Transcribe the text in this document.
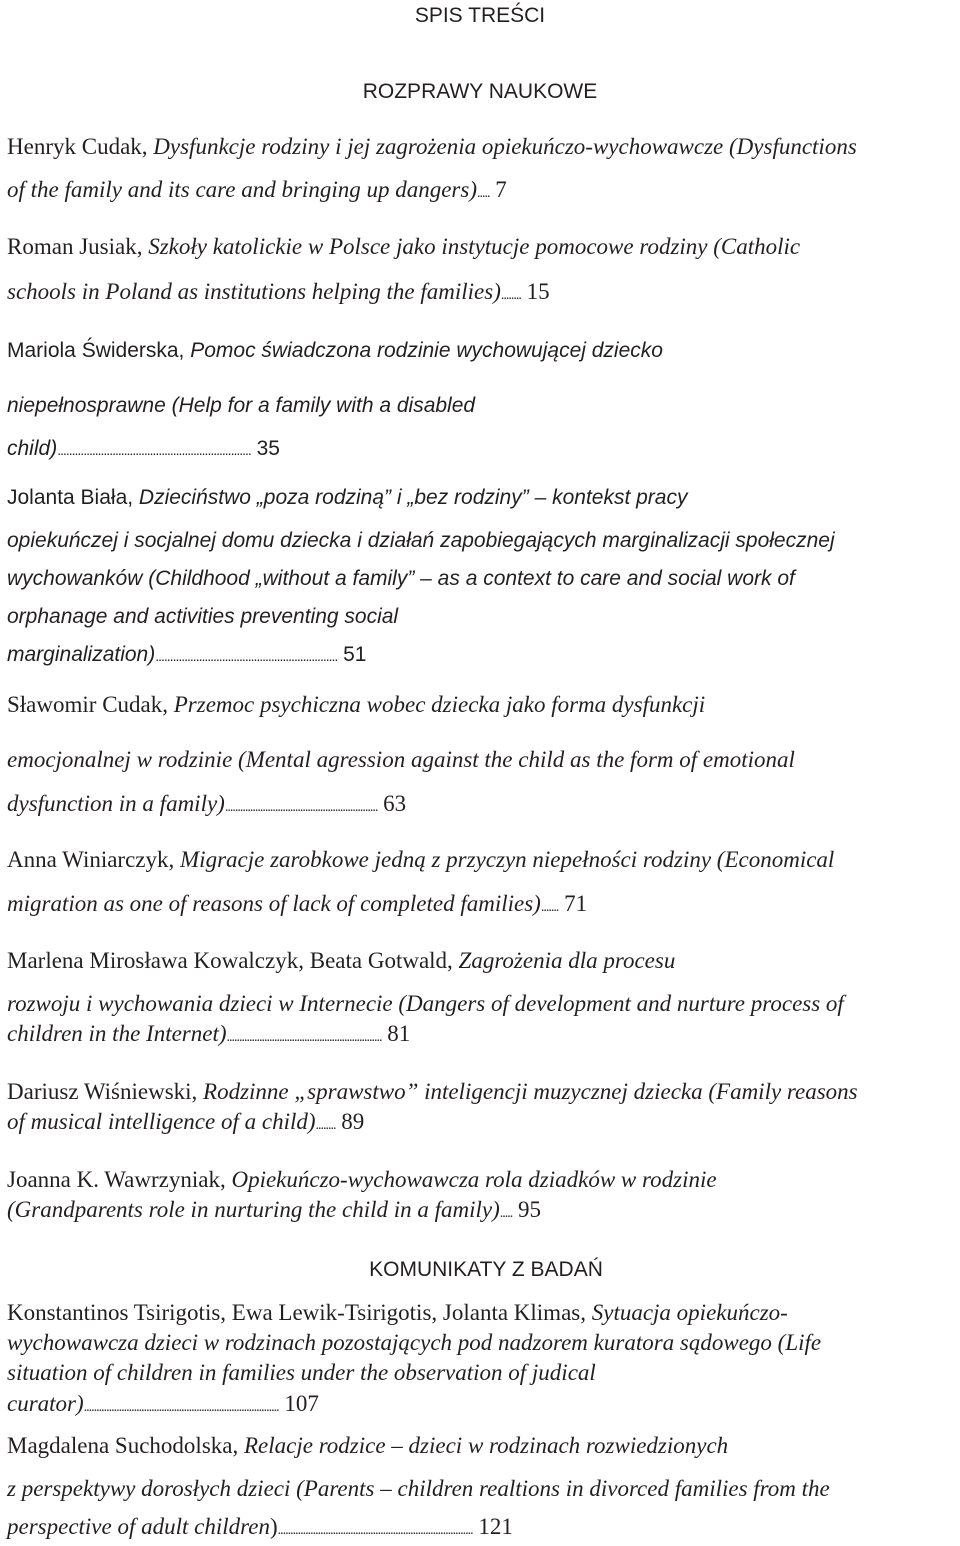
SPIS TREŚCI
ROZPRAWY NAUKOWE
Henryk Cudak, Dysfunkcje rodziny i jej zagrożenia opiekuńczo-wychowawcze (Dysfunctions
of the family and its care and bringing up dangers)..... 7
Roman Jusiak, Szkoły katolickie w Polsce jako instytucje pomocowe rodziny (Catholic
schools in Poland as institutions helping the families)........ 15
Mariola Świderska, Pomoc świadczona rodzinie wychowującej dziecko
niepełnosprawne (Help for a family with a disabled
child)................................................................... 35
Jolanta Biała, Dzieciństwo „poza rodziną” i „bez rodziny” – kontekst pracy
opiekuńczej i socjalnej domu dziecka i działań zapobiegających marginalizacji społecznej
wychowanków (Childhood „without a family” – as a context to care and social work of
orphanage and activities preventing social
marginalization)............................................................... 51
Sławomir Cudak, Przemoc psychiczna wobec dziecka jako forma dysfunkcji
emocjonalnej w rodzinie (Mental agression against the child as the form of emotional
dysfunction in a family)............................................................. 63
Anna Winiarczyk, Migracje zarobkowe jedną z przyczyn niepełności rodziny (Economical
migration as one of reasons of lack of completed families)....... 71
Marlena Mirosława Kowalczyk, Beata Gotwald, Zagrożenia dla procesu
rozwoju i wychowania dzieci w Internecie (Dangers of development and nurture process of
children in the Internet).............................................................. 81
Dariusz Wiśniewski, Rodzinne „sprawstwo” inteligencji muzycznej dziecka (Family reasons
of musical intelligence of a child)........ 89
Joanna K. Wawrzyniak, Opiekuńczo-wychowawcza rola dziadków w rodzinie
(Grandparents role in nurturing the child in a family)..... 95
KOMUNIKATY Z BADAŃ
Konstantinos Tsirigotis, Ewa Lewik-Tsirigotis, Jolanta Klimas, Sytuacja opiekuńczo-
wychowawcza dzieci w rodzinach pozostających pod nadzorem kuratora sądowego (Life
situation of children in families under the observation of judical
curator).............................................................................. 107
Magdalena Suchodolska, Relacje rodzice – dzieci w rodzinach rozwiedzionych
z perspektywy dorosłych dzieci (Parents – children realtions in divorced families from the
perspective of adult children).............................................................................. 121
